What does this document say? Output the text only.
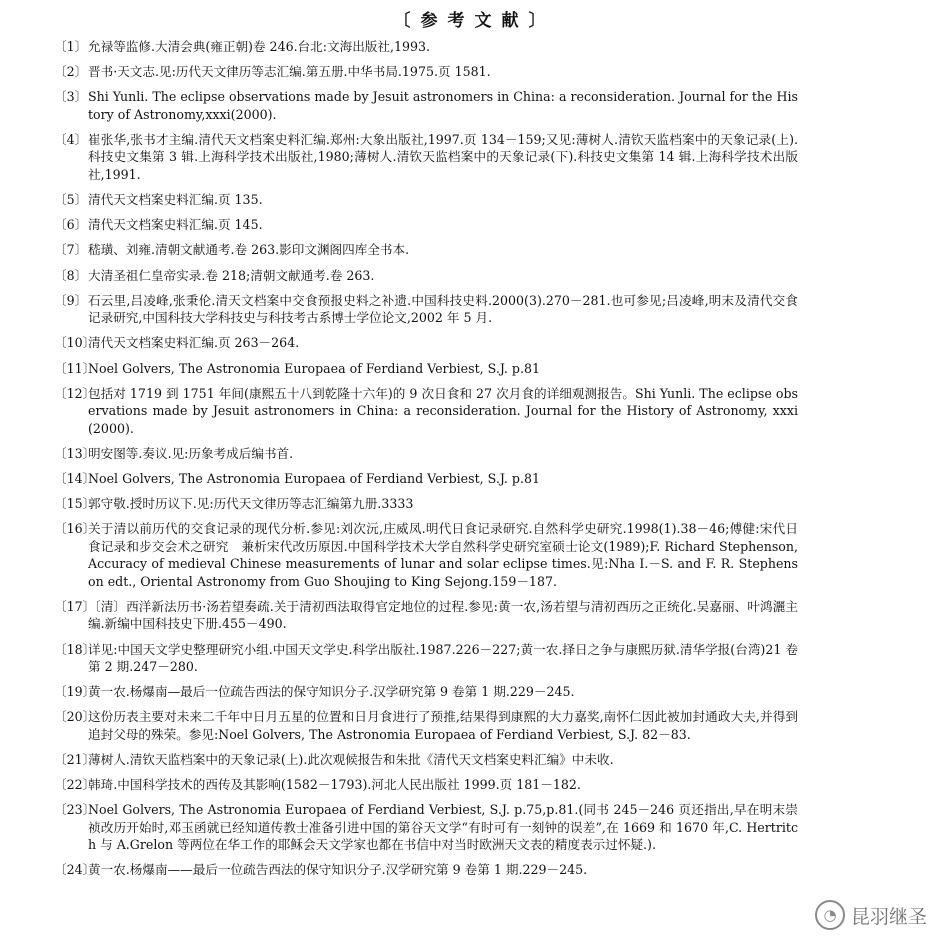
〔参考文献〕
〔1〕 允禄等监修.大清会典(雍正朝)卷 246.台北:文海出版社,1993.
〔2〕 晋书·天文志.见:历代天文律历等志汇编.第五册.中华书局.1975.页 1581.
〔3〕 Shi Yunli. The eclipse observations made by Jesuit astronomers in China: a reconsideration. Journal for the History of Astronomy,xxxi(2000).
〔4〕 崔张华,张书才主编.清代天文档案史料汇编.郑州:大象出版社,1997.页 134－159;又见:薄树人.清钦天监档案中的天象记录(上).科技史文集第 3 辑.上海科学技术出版社,1980;薄树人.清钦天监档案中的天象记录(下).科技史文集第 14 辑.上海科学技术出版社,1991.
〔5〕 清代天文档案史料汇编.页 135.
〔6〕 清代天文档案史料汇编.页 145.
〔7〕 嵇璜、刘雍.清朝文献通考.卷 263.影印文渊阁四库全书本.
〔8〕 大清圣祖仁皇帝实录.卷 218;清朝文献通考.卷 263.
〔9〕 石云里,吕凌峰,张秉伦.清天文档案中交食预报史料之补遗.中国科技史料.2000(3).270－281.也可参见;吕凌峰,明末及清代交食记录研究,中国科技大学科技史与科技考古系博士学位论文,2002 年 5 月.
〔10〕
清代天文档案史料汇编.页 263－264.
〔11〕
Noel Golvers, The Astronomia Europaea of Ferdiand Verbiest, S.J. p.81
〔12〕
包括对 1719 到 1751 年间(康熙五十八到乾隆十六年)的 9 次日食和 27 次月食的详细观测报告。Shi Yunli. The eclipse observations made by Jesuit astronomers in China: a reconsideration. Journal for the History of Astronomy, xxxi (2000).
〔13〕
明安图等.奏议.见:历象考成后编书首.
〔14〕
Noel Golvers, The Astronomia Europaea of Ferdiand Verbiest, S.J. p.81
〔15〕
郭守敬.授时历议下.见:历代天文律历等志汇编第九册.3333
〔16〕
关于清以前历代的交食记录的现代分析.参见:刘次沅,庄威凤.明代日食记录研究.自然科学史研究.1998(1).38－46;傅健:宋代日食记录和步交会术之研究　兼析宋代改历原因.中国科学技术大学自然科学史研究室硕士论文(1989);F. Richard Stephenson, Accuracy of medieval Chinese measurements of lunar and solar eclipse times.见:Nha I.－S. and F. R. Stephenson edt., Oriental Astronomy from Guo Shoujing to King Sejong.159－187.
〔17〕
〔清〕西洋新法历书·汤若望奏疏.关于清初西法取得官定地位的过程.参见:黄一农,汤若望与清初西历之正统化.吴嘉丽、叶鸿灑主编.新编中国科技史下册.455－490.
〔18〕
详见:中国天文学史整理研究小组.中国天文学史.科学出版社.1987.226－227;黄一农.择日之争与康熙历狱.清华学报(台湾)21 卷第 2 期.247－280.
〔19〕
黄一农.杨爆南—最后一位疏告西法的保守知识分子.汉学研究第 9 卷第 1 期.229－245.
〔20〕
这份历表主要对未来二千年中日月五星的位置和日月食进行了预推,结果得到康熙的大力嘉奖,南怀仁因此被加封通政大夫,并得到追封父母的殊荣。参见:Noel Golvers, The Astronomia Europaea of Ferdiand Verbiest, S.J. 82－83.
〔21〕
薄树人.清钦天监档案中的天象记录(上).此次观候报告和朱批《清代天文档案史料汇编》中未收.
〔22〕
韩琦.中国科学技术的西传及其影响(1582－1793).河北人民出版社 1999.页 181－182.
〔23〕
Noel Golvers, The Astronomia Europaea of Ferdiand Verbiest, S.J. p.75,p.81.(同书 245－246 页还指出,早在明末崇祯改历开始时,邓玉函就已经知道传教士准备引进中国的第谷天文学“有时可有一刻钟的误差”,在 1669 和 1670 年,C. Hertritch 与 A.Grelon 等两位在华工作的耶稣会天文学家也都在书信中对当时欧洲天文表的精度表示过怀疑.).
〔24〕
黄一农.杨爆南——最后一位疏告西法的保守知识分子.汉学研究第 9 卷第 1 期.229－245.
◔ 昆羽继圣
